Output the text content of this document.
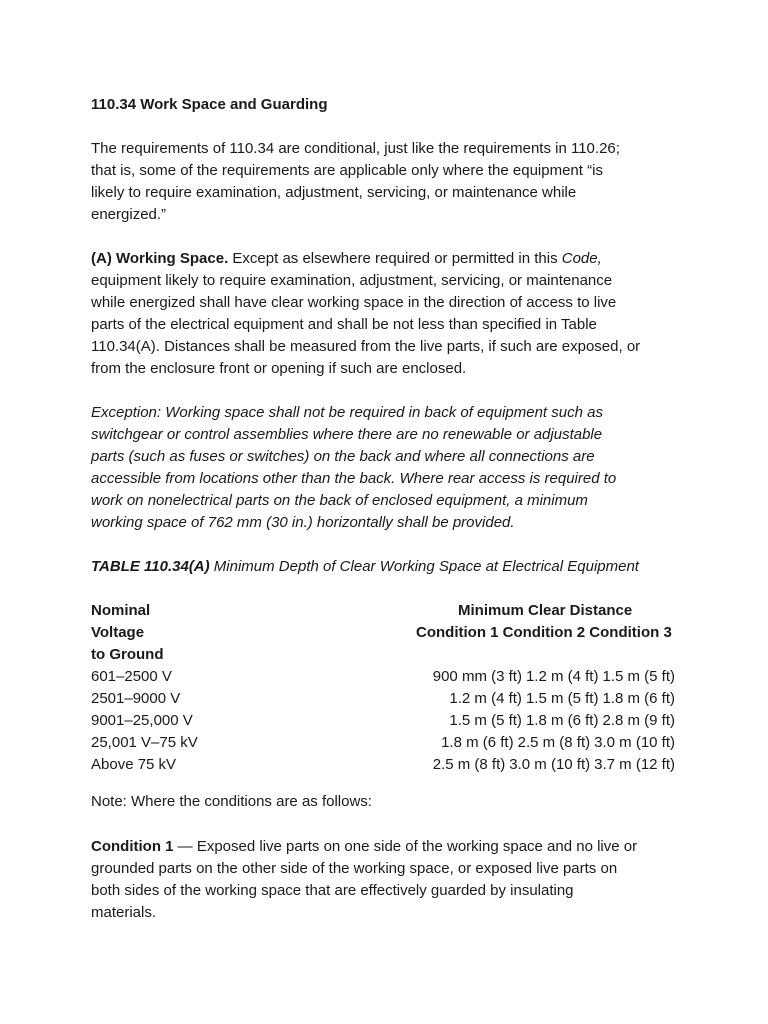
110.34 Work Space and Guarding

The requirements of 110.34 are conditional, just like the requirements in 110.26;
that is, some of the requirements are applicable only where the equipment “is
likely to require examination, adjustment, servicing, or maintenance while
energized.”

(A) Working Space. Except as elsewhere required or permitted in this Code,
equipment likely to require examination, adjustment, servicing, or maintenance
while energized shall have clear working space in the direction of access to live
parts of the electrical equipment and shall be not less than specified in Table
110.34(A). Distances shall be measured from the live parts, if such are exposed, or
from the enclosure front or opening if such are enclosed.

Exception: Working space shall not be required in back of equipment such as
switchgear or control assemblies where there are no renewable or adjustable
parts (such as fuses or switches) on the back and where all connections are
accessible from locations other than the back. Where rear access is required to
work on nonelectrical parts on the back of enclosed equipment, a minimum
working space of 762 mm (30 in.) horizontally shall be provided.

TABLE 110.34(A) Minimum Depth of Clear Working Space at Electrical Equipment
Nominal
Voltage
to Ground
Minimum Clear Distance
Condition 1 Condition 2 Condition 3
601–2500 V	900 mm (3 ft) 1.2 m (4 ft) 1.5 m (5 ft)
2501–9000 V	1.2 m (4 ft) 1.5 m (5 ft) 1.8 m (6 ft)
9001–25,000 V	1.5 m (5 ft) 1.8 m (6 ft) 2.8 m (9 ft)
25,001 V–75 kV	1.8 m (6 ft) 2.5 m (8 ft) 3.0 m (10 ft)
Above 75 kV	2.5 m (8 ft) 3.0 m (10 ft) 3.7 m (12 ft)
Note: Where the conditions are as follows:

Condition 1 — Exposed live parts on one side of the working space and no live or
grounded parts on the other side of the working space, or exposed live parts on
both sides of the working space that are effectively guarded by insulating
materials.
